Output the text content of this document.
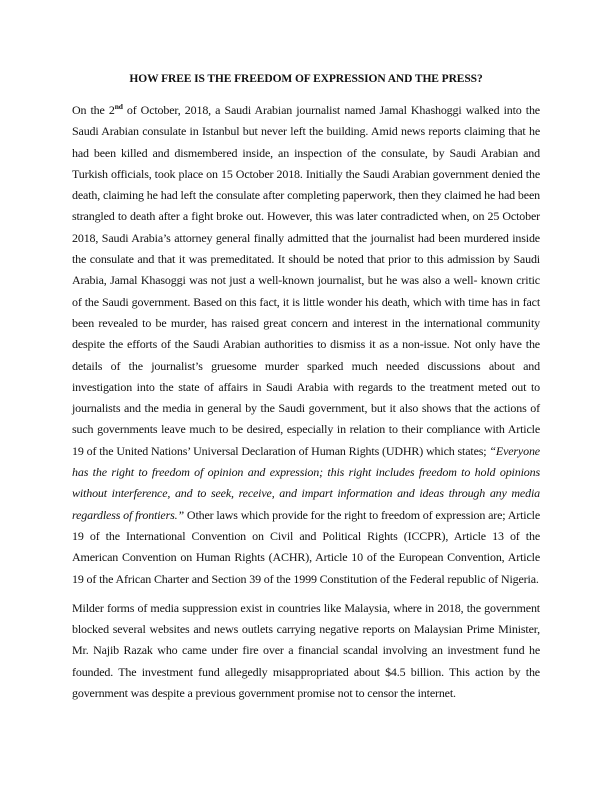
HOW FREE IS THE FREEDOM OF EXPRESSION AND THE PRESS?

On the 2nd of October, 2018, a Saudi Arabian journalist named Jamal Khashoggi walked into the Saudi Arabian consulate in Istanbul but never left the building. Amid news reports claiming that he had been killed and dismembered inside, an inspection of the consulate, by Saudi Arabian and Turkish officials, took place on 15 October 2018. Initially the Saudi Arabian government denied the death, claiming he had left the consulate after completing paperwork, then they claimed he had been strangled to death after a fight broke out. However, this was later contradicted when, on 25 October 2018, Saudi Arabia’s attorney general finally admitted that the journalist had been murdered inside the consulate and that it was premeditated. It should be noted that prior to this admission by Saudi Arabia, Jamal Khasoggi was not just a well-known journalist, but he was also a well- known critic of the Saudi government. Based on this fact, it is little wonder his death, which with time has in fact been revealed to be murder, has raised great concern and interest in the international community despite the efforts of the Saudi Arabian authorities to dismiss it as a non-issue. Not only have the details of the journalist’s gruesome murder sparked much needed discussions about and investigation into the state of affairs in Saudi Arabia with regards to the treatment meted out to journalists and the media in general by the Saudi government, but it also shows that the actions of such governments leave much to be desired, especially in relation to their compliance with Article 19 of the United Nations’ Universal Declaration of Human Rights (UDHR) which states; “Everyone has the right to freedom of opinion and expression; this right includes freedom to hold opinions without interference, and to seek, receive, and impart information and ideas through any media regardless of frontiers.” Other laws which provide for the right to freedom of expression are; Article 19 of the International Convention on Civil and Political Rights (ICCPR), Article 13 of the American Convention on Human Rights (ACHR), Article 10 of the European Convention, Article 19 of the African Charter and Section 39 of the 1999 Constitution of the Federal republic of Nigeria.

Milder forms of media suppression exist in countries like Malaysia, where in 2018, the government blocked several websites and news outlets carrying negative reports on Malaysian Prime Minister, Mr. Najib Razak who came under fire over a financial scandal involving an investment fund he founded. The investment fund allegedly misappropriated about $4.5 billion. This action by the government was despite a previous government promise not to censor the internet.
